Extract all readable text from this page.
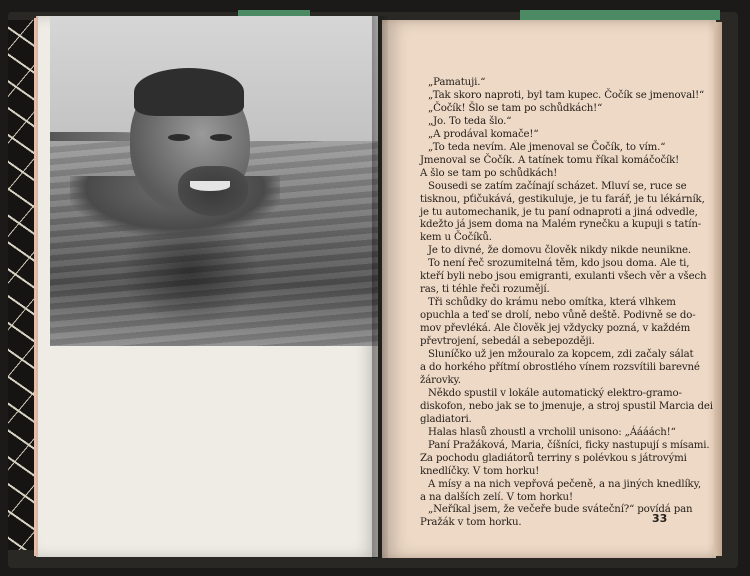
„Pamatuji.“
„Tak skoro naproti, byl tam kupec. Čočík se jmenoval!“
„Čočík! Šlo se tam po schůdkách!“
„Jo. To teda šlo.“
„A prodával komače!“
„To teda nevím. Ale jmenoval se Čočík, to vím.“
Jmenoval se Čočík. A tatínek tomu říkal komáčočík!
A šlo se tam po schůdkách!
Sousedi se zatím začínají scházet. Mluví se, ruce se
tisknou, pťičukává, gestikuluje, je tu farář, je tu lékárník,
je tu automechanik, je tu paní odnaproti a jiná odvedle,
kdežto já jsem doma na Malém rynečku a kupuji s tatín-
kem u Čočíků.
Je to divné, že domovu člověk nikdy nikde neunikne.
To není řeč srozumitelná těm, kdo jsou doma. Ale ti,
kteří byli nebo jsou emigranti, exulanti všech věr a všech
ras, ti téhle řeči rozumějí.
Tři schůdky do krámu nebo omítka, která vlhkem
opuchla a teď se drolí, nebo vůně deště. Podivně se do-
mov převléká. Ale člověk jej vždycky pozná, v každém
převtrojení, sebedál a sebepozději.
Sluníčko už jen mžouralo za kopcem, zdi začaly sálat
a do horkého přítmí obrostlého vínem rozsvítili barevné
žárovky.
Někdo spustil v lokále automatický elektro-gramo-
diskofon, nebo jak se to jmenuje, a stroj spustil Marcia dei
gladiatori.
Halas hlasů zhoustl a vrcholil unisono: „Áááách!“
Paní Pražáková, Maria, číšníci, ficky nastupují s mísami.
Za pochodu gladiátorů terriny s polévkou s játrovými
knedlíčky. V tom horku!
A mísy a na nich vepřová pečeně, a na jiných knedlíky,
a na dalších zelí. V tom horku!
„Neříkal jsem, že večeře bude sváteční?“ povídá pan
Pražák v tom horku.	33
